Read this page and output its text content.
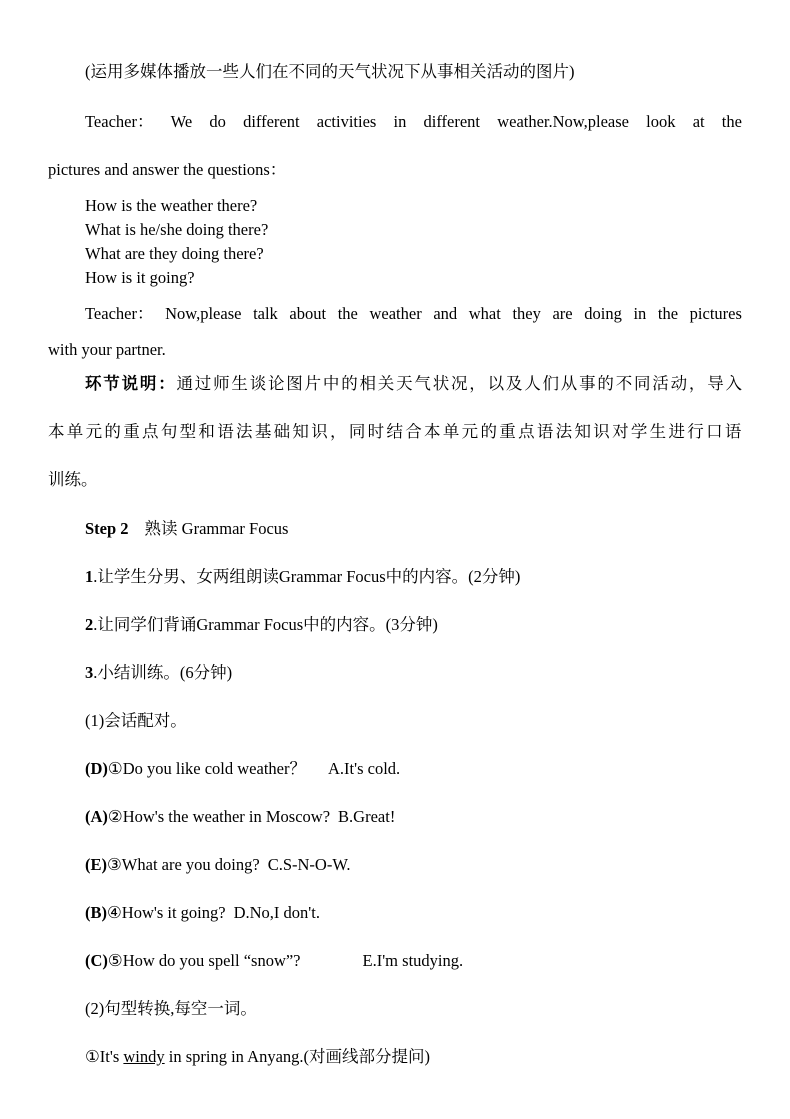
(运用多媒体播放一些人们在不同的天气状况下从事相关活动的图片)
Teacher： We do different activities in different weather.Now,please look at the
pictures and answer the questions：
How is the weather there?
What is he/she doing there?
What are they doing there?
How is it going?
Teacher： Now,please talk about the weather and what they are doing in the pictures
with your partner.
环节说明：通过师生谈论图片中的相关天气状况，以及人们从事的不同活动，导入
本单元的重点句型和语法基础知识，同时结合本单元的重点语法知识对学生进行口语
训练。
Step 2 熟读 Grammar Focus
1.让学生分男、女两组朗读Grammar Focus中的内容。(2分钟)
2.让同学们背诵Grammar Focus中的内容。(3分钟)
3.小结训练。(6分钟)
(1)会话配对。
(D)①Do you like cold weather？ A.It's cold.
(A)②How's the weather in Moscow? B.Great!
(E)③What are you doing? C.S-N-O-W.
(B)④How's it going? D.No,I don't.
(C)⑤How do you spell “snow”?	E.I'm studying.
(2)句型转换,每空一词。
①It's windy in spring in Anyang.(对画线部分提问)
